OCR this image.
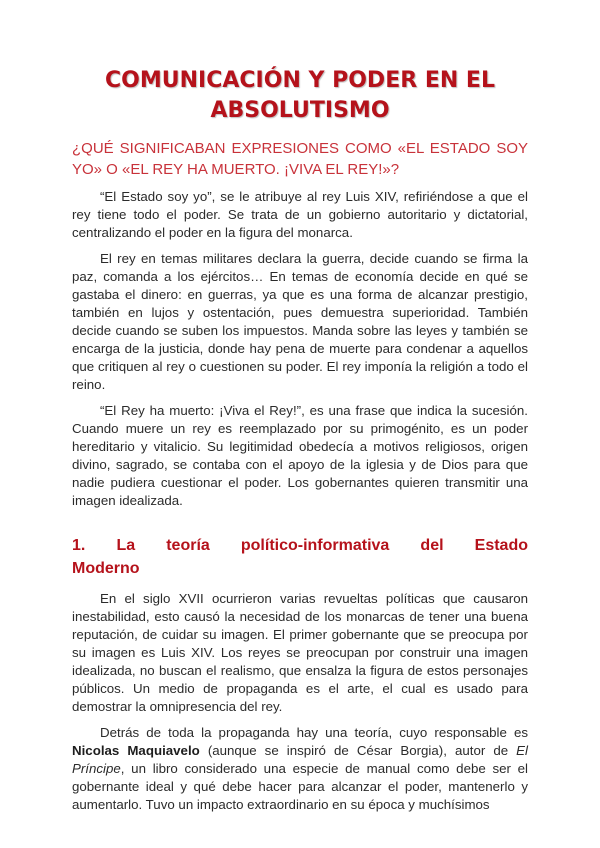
COMUNICACIÓN Y PODER EN EL ABSOLUTISMO
¿QUÉ SIGNIFICABAN EXPRESIONES COMO «EL ESTADO SOY YO» O «EL REY HA MUERTO. ¡VIVA EL REY!»?

“El Estado soy yo”, se le atribuye al rey Luis XIV, refiriéndose a que el rey tiene todo el poder. Se trata de un gobierno autoritario y dictatorial, centralizando el poder en la figura del monarca.

El rey en temas militares declara la guerra, decide cuando se firma la paz, comanda a los ejércitos… En temas de economía decide en qué se gastaba el dinero: en guerras, ya que es una forma de alcanzar prestigio, también en lujos y ostentación, pues demuestra superioridad. También decide cuando se suben los impuestos. Manda sobre las leyes y también se encarga de la justicia, donde hay pena de muerte para condenar a aquellos que critiquen al rey o cuestionen su poder. El rey imponía la religión a todo el reino.

“El Rey ha muerto: ¡Viva el Rey!”, es una frase que indica la sucesión. Cuando muere un rey es reemplazado por su primogénito, es un poder hereditario y vitalicio. Su legitimidad obedecía a motivos religiosos, origen divino, sagrado, se contaba con el apoyo de la iglesia y de Dios para que nadie pudiera cuestionar el poder. Los gobernantes quieren transmitir una imagen idealizada.

1. La teoría político-informativa del Estado Moderno

En el siglo XVII ocurrieron varias revueltas políticas que causaron inestabilidad, esto causó la necesidad de los monarcas de tener una buena reputación, de cuidar su imagen. El primer gobernante que se preocupa por su imagen es Luis XIV. Los reyes se preocupan por construir una imagen idealizada, no buscan el realismo, que ensalza la figura de estos personajes públicos. Un medio de propaganda es el arte, el cual es usado para demostrar la omnipresencia del rey.

Detrás de toda la propaganda hay una teoría, cuyo responsable es Nicolas Maquiavelo (aunque se inspiró de César Borgia), autor de El Príncipe, un libro considerado una especie de manual como debe ser el gobernante ideal y qué debe hacer para alcanzar el poder, mantenerlo y aumentarlo. Tuvo un impacto extraordinario en su época y muchísimos
